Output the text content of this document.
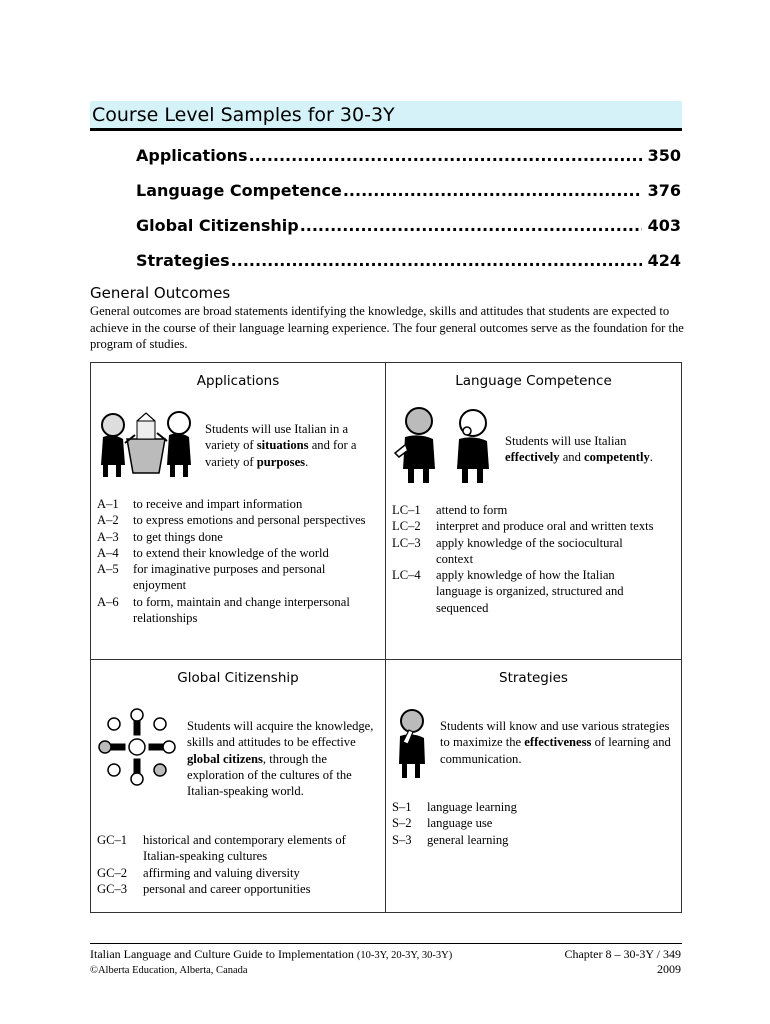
Course Level Samples for 30-3Y
Applications .....	350
Language Competence .....	376
Global Citizenship .....	403
Strategies .....	424
General Outcomes
General outcomes are broad statements identifying the knowledge, skills and attitudes that students are expected to achieve in the course of their language learning experience. The four general outcomes serve as the foundation for the program of studies.
Applications
Students will use Italian in a variety of situations and for a variety of purposes.
A–1	to receive and impart information
A–2	to express emotions and personal perspectives
A–3	to get things done
A–4	to extend their knowledge of the world
A–5	for imaginative purposes and personal enjoyment
A–6	to form, maintain and change interpersonal relationships
Language Competence
Students will use Italian effectively and competently.
LC–1	attend to form
LC–2	interpret and produce oral and written texts
LC–3	apply knowledge of the sociocultural context
LC–4	apply knowledge of how the Italian language is organized, structured and sequenced
Global Citizenship
Students will acquire the knowledge, skills and attitudes to be effective global citizens, through the exploration of the cultures of the Italian-speaking world.
GC–1	historical and contemporary elements of Italian-speaking cultures
GC–2	affirming and valuing diversity
GC–3	personal and career opportunities
Strategies
Students will know and use various strategies to maximize the effectiveness of learning and communication.
S–1	language learning
S–2	language use
S–3	general learning
Italian Language and Culture Guide to Implementation (10-3Y, 20-3Y, 30-3Y)
©Alberta Education, Alberta, Canada
Chapter 8 – 30-3Y / 349
2009
